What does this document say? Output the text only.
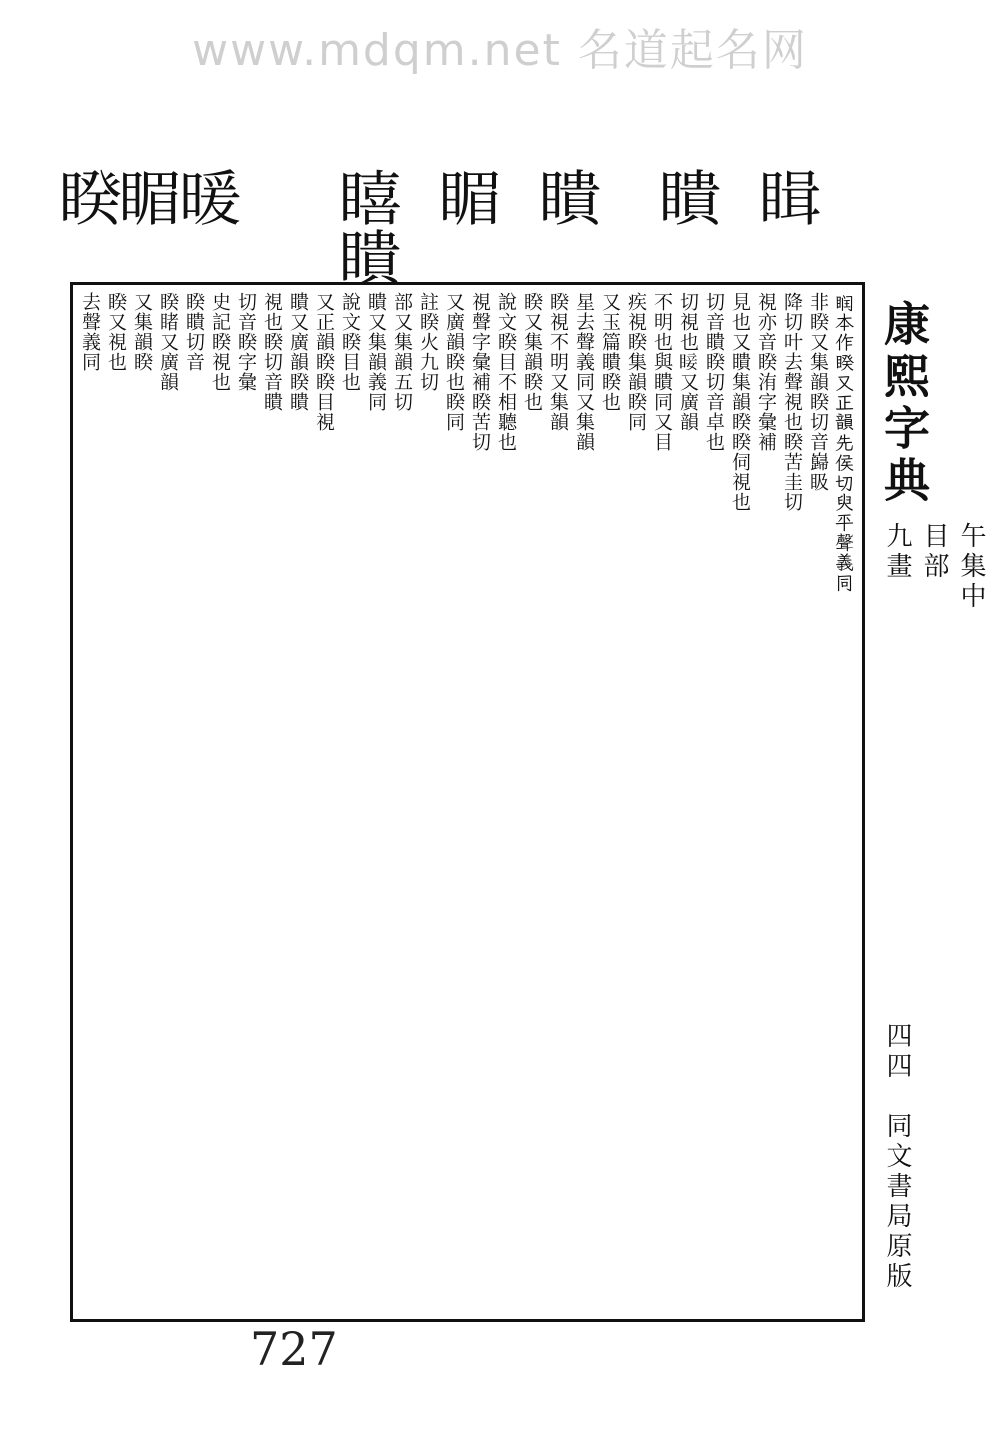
www.mdqm.net 名道起名网
䁒
瞶
瞶
睸
瞦
瞶
暖
睸
睽
康熙字典
午集中
目部
九畫
四四
同文書局原版
𥆧本作睽又正韻先侯切臾平聲義同
非睽又集韻睽切音巋𥄫
降切叶去聲視也睽苦圭切
視亦音睽洧字彙補
見也又瞶集韻睽睽伺視也
切音瞶睽切音卓也
切視也𥇒又廣韻
不明也與瞶同又目
疾視睽集韻睽同
又玉篇瞶睽也
星去聲義同又集韻
睽視不明又集韻
睽又集韻睽也
說文睽目不相聽也
視聲字彙補睽苦切
又廣韻睽也睽同
註睽火九切
部又集韻五切
瞶又集韻義同
說文睽目也
又正韻睽睽目視
瞶又廣韻睽瞶
視也睽切音瞶
切音睽字彙
史記睽視也
睽瞶切音
睽睹又廣韻
又集韻睽
睽又視也
去聲義同
727
